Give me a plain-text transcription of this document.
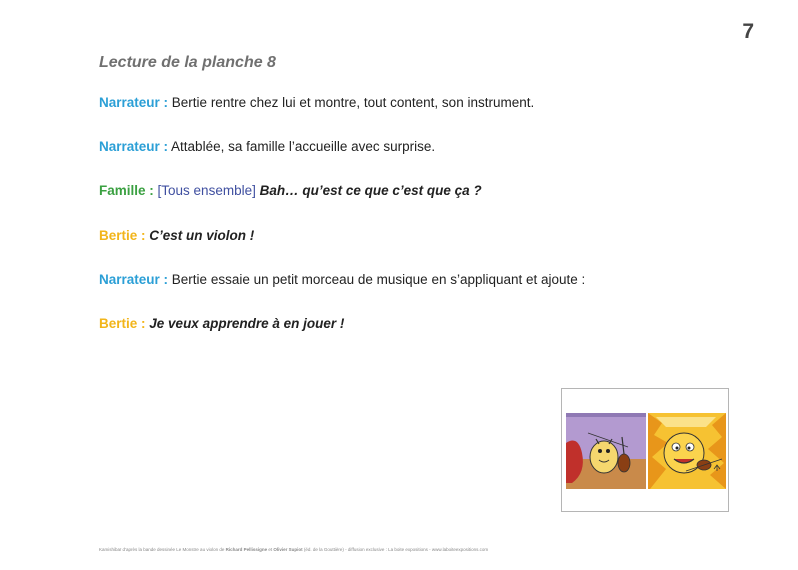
7
Lecture de la planche 8
Narrateur : Bertie rentre chez lui et montre, tout content, son instrument.
Narrateur : Attablée, sa famille l’accueille avec surprise.
Famille : [Tous ensemble] Bah… qu’est ce que c’est que ça ?
Bertie : C’est un violon !
Narrateur : Bertie essaie un petit morceau de musique en s’appliquant et ajoute :
Bertie : Je veux apprendre à en jouer !
Kamishibaï d’après la bande dessinée Le Monstre au violon de Richard Pellissigne et Olivier Supiot (éd. de la Gouttière) - diffusion exclusive : La boite expositions - www.laboiteexpositions.com
